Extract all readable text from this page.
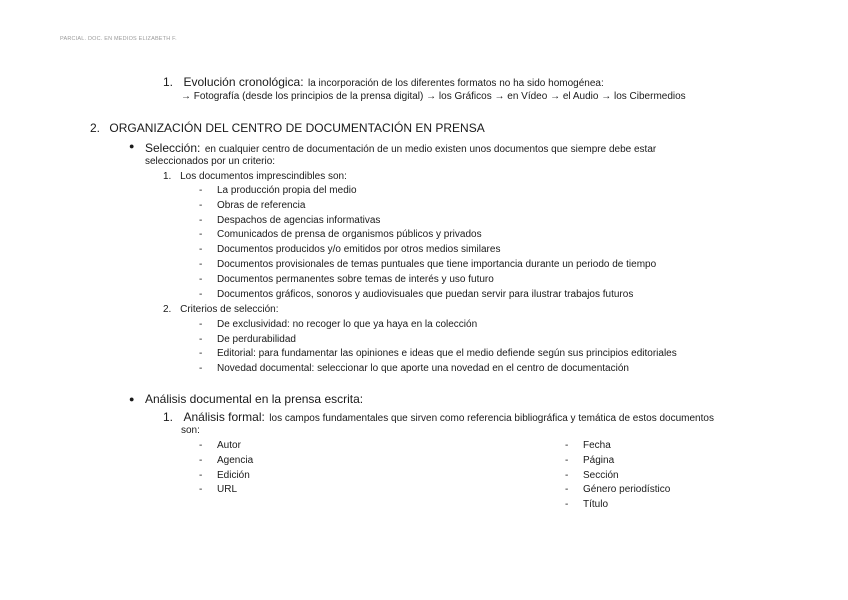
PARCIAL. DOC. EN MEDIOS ELIZABETH F.
1. Evolución cronológica: la incorporación de los diferentes formatos no ha sido homogénea:
→ Fotografía (desde los principios de la prensa digital) → los Gráficos → en Vídeo → el Audio → los Cibermedios
2. ORGANIZACIÓN DEL CENTRO DE DOCUMENTACIÓN EN PRENSA
● Selección: en cualquier centro de documentación de un medio existen unos documentos que siempre debe estar
seleccionados por un criterio:
1. Los documentos imprescindibles son:
- La producción propia del medio
- Obras de referencia
- Despachos de agencias informativas
- Comunicados de prensa de organismos públicos y privados
- Documentos producidos y/o emitidos por otros medios similares
- Documentos provisionales de temas puntuales que tiene importancia durante un periodo de tiempo
- Documentos permanentes sobre temas de interés y uso futuro
- Documentos gráficos, sonoros y audiovisuales que puedan servir para ilustrar trabajos futuros
2. Criterios de selección:
- De exclusividad: no recoger lo que ya haya en la colección
- De perdurabilidad
- Editorial: para fundamentar las opiniones e ideas que el medio defiende según sus principios editoriales
- Novedad documental: seleccionar lo que aporte una novedad en el centro de documentación
● Análisis documental en la prensa escrita:
1. Análisis formal: los campos fundamentales que sirven como referencia bibliográfica y temática de estos documentos
son:
- Autor
- Agencia
- Edición
- URL
- Fecha
- Página
- Sección
- Género periodístico
- Título
